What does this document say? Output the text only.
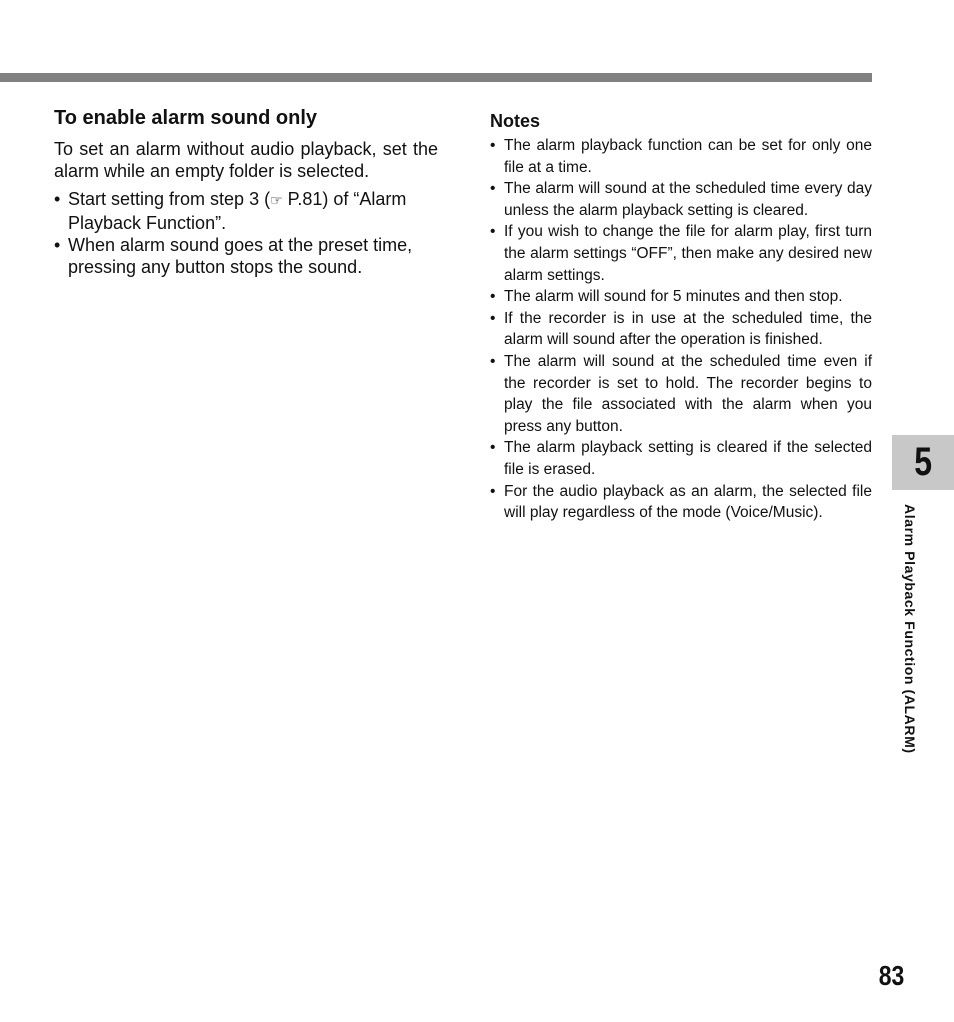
To enable alarm sound only

To set an alarm without audio playback, set the alarm while an empty folder is selected.

• Start setting from step 3 (☞ P.81) of “Alarm Playback Function”.
• When alarm sound goes at the preset time, pressing any button stops the sound.
Notes
• The alarm playback function can be set for only one file at a time.
• The alarm will sound at the scheduled time every day unless the alarm playback setting is cleared.
• If you wish to change the file for alarm play, first turn the alarm settings “OFF”, then make any desired new alarm settings.
• The alarm will sound for 5 minutes and then stop.
• If the recorder is in use at the scheduled time, the alarm will sound after the operation is finished.
• The alarm will sound at the scheduled time even if the recorder is set to hold. The recorder begins to play the file associated with the alarm when you press any button.
• The alarm playback setting is cleared if the selected file is erased.
• For the audio playback as an alarm, the selected file will play regardless of the mode (Voice/Music).
5
Alarm Playback Function (ALARM)
83
